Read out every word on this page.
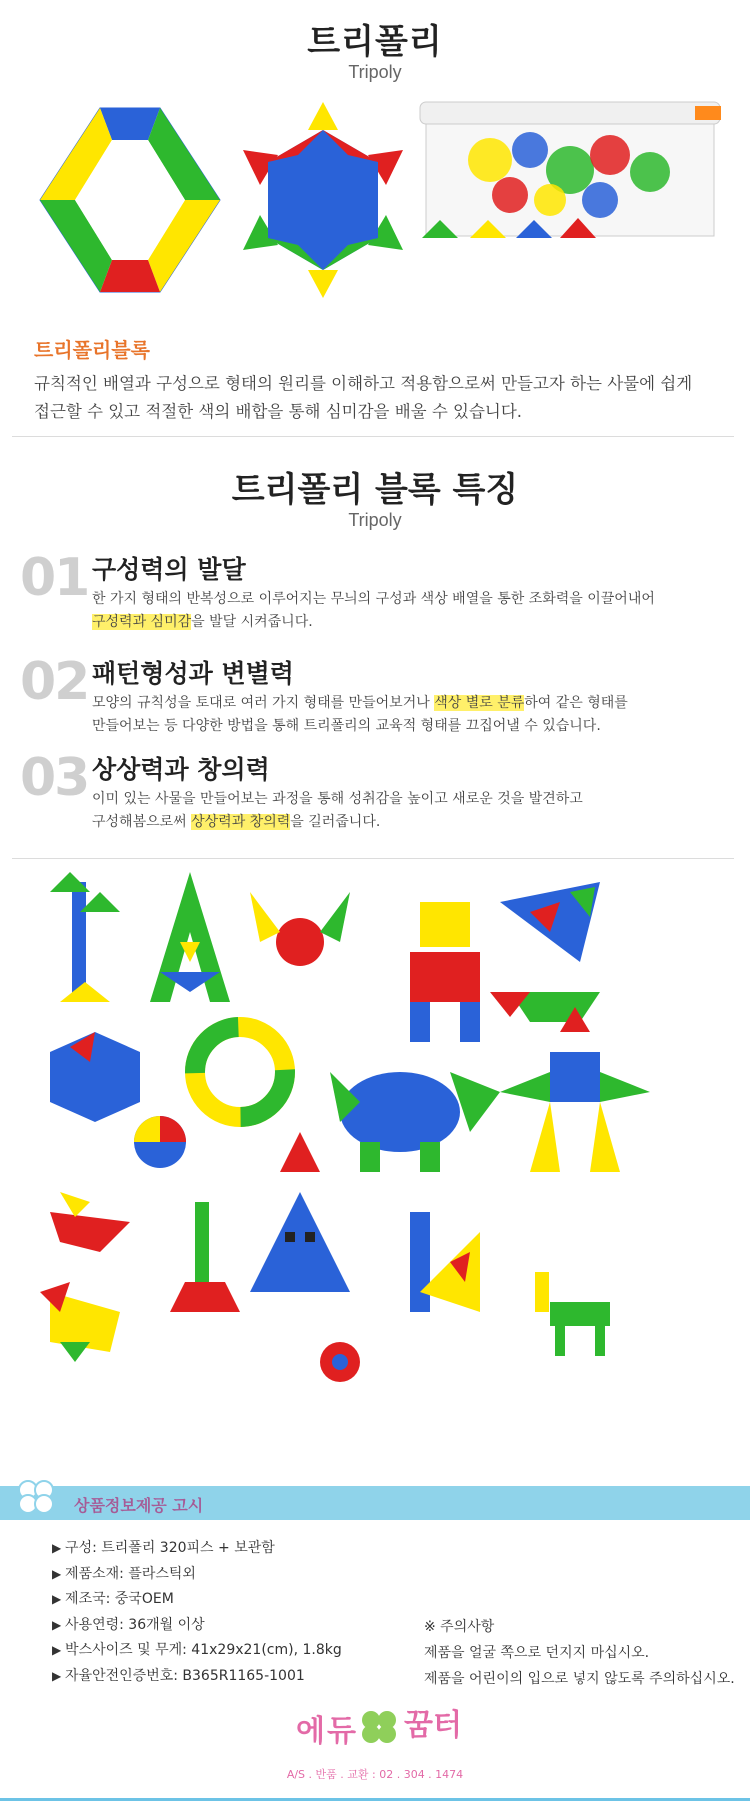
트리폴리
Tripoly
트리폴리블록
규칙적인 배열과 구성으로 형태의 원리를 이해하고 적용함으로써 만들고자 하는 사물에 쉽게
접근할 수 있고 적절한 색의 배합을 통해 심미감을 배울 수 있습니다.
트리폴리 블록 특징
Tripoly
01 구성력의 발달
한 가지 형태의 반복성으로 이루어지는 무늬의 구성과 색상 배열을 통한 조화력을 이끌어내어
구성력과 심미감을 발달 시켜줍니다.
02 패턴형성과 변별력
모양의 규칙성을 토대로 여러 가지 형태를 만들어보거나 색상 별로 분류하여 같은 형태를
만들어보는 등 다양한 방법을 통해 트리폴리의 교육적 형태를 끄집어낼 수 있습니다.
03 상상력과 창의력
이미 있는 사물을 만들어보는 과정을 통해 성취감을 높이고 새로운 것을 발견하고
구성해봄으로써 상상력과 창의력을 길러줍니다.
상품정보제공 고시
▶ 구성: 트리폴리 320피스 + 보관함
▶ 제품소재: 플라스틱외
▶ 제조국: 중국OEM
▶ 사용연령: 36개월 이상
▶ 박스사이즈 및 무게: 41x29x21(cm), 1.8kg
▶ 자율안전인증번호: B365R1165-1001
※ 주의사항
제품을 얼굴 쪽으로 던지지 마십시오.
제품을 어린이의 입으로 넣지 않도록 주의하십시오.
에듀 꿈터
A/S . 반품 . 교환 : 02 . 304 . 1474
